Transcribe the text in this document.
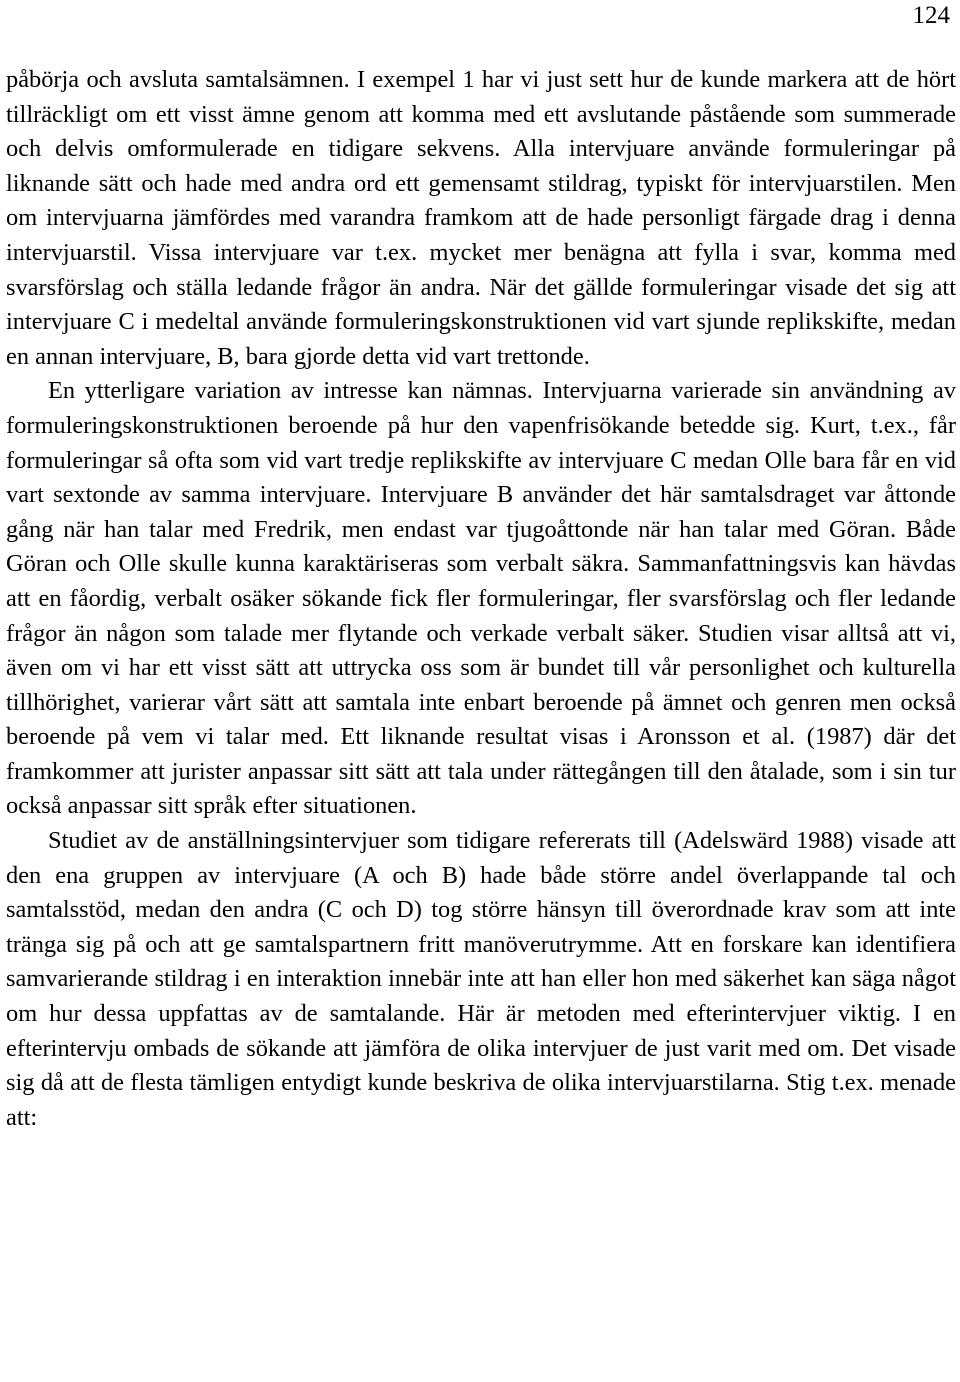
124

påbörja och avsluta samtalsämnen. I exempel 1 har vi just sett hur de kunde markera att de hört tillräckligt om ett visst ämne genom att komma med ett avslutande påstående som summerade och delvis omformulerade en tidigare sekvens. Alla intervjuare använde formuleringar på liknande sätt och hade med andra ord ett gemensamt stildrag, typiskt för intervjuarstilen. Men om intervjuarna jämfördes med varandra framkom att de hade personligt färgade drag i denna intervjuarstil. Vissa intervjuare var t.ex. mycket mer benägna att fylla i svar, komma med svarsförslag och ställa ledande frågor än andra. När det gällde formuleringar visade det sig att intervjuare C i medeltal använde formuleringskonstruktionen vid vart sjunde replikskifte, medan en annan intervjuare, B, bara gjorde detta vid vart trettonde.

En ytterligare variation av intresse kan nämnas. Intervjuarna varierade sin användning av formuleringskonstruktionen beroende på hur den vapenfrisökande betedde sig. Kurt, t.ex., får formuleringar så ofta som vid vart tredje replikskifte av intervjuare C medan Olle bara får en vid vart sextonde av samma intervjuare. Intervjuare B använder det här samtalsdraget var åttonde gång när han talar med Fredrik, men endast var tjugoåttonde när han talar med Göran. Både Göran och Olle skulle kunna karaktäriseras som verbalt säkra. Sammanfattningsvis kan hävdas att en fåordig, verbalt osäker sökande fick fler formuleringar, fler svarsförslag och fler ledande frågor än någon som talade mer flytande och verkade verbalt säker. Studien visar alltså att vi, även om vi har ett visst sätt att uttrycka oss som är bundet till vår personlighet och kulturella tillhörighet, varierar vårt sätt att samtala inte enbart beroende på ämnet och genren men också beroende på vem vi talar med. Ett liknande resultat visas i Aronsson et al. (1987) där det framkommer att jurister anpassar sitt sätt att tala under rättegången till den åtalade, som i sin tur också anpassar sitt språk efter situationen.

Studiet av de anställningsintervjuer som tidigare refererats till (Adelswärd 1988) visade att den ena gruppen av intervjuare (A och B) hade både större andel överlappande tal och samtalsstöd, medan den andra (C och D) tog större hänsyn till överordnade krav som att inte tränga sig på och att ge samtalspartnern fritt manöverutrymme. Att en forskare kan identifiera samvarierande stildrag i en interaktion innebär inte att han eller hon med säkerhet kan säga något om hur dessa uppfattas av de samtalande. Här är metoden med efterintervjuer viktig. I en efterintervju ombads de sökande att jämföra de olika intervjuer de just varit med om. Det visade sig då att de flesta tämligen entydigt kunde beskriva de olika intervjuarstilarna. Stig t.ex. menade att:
